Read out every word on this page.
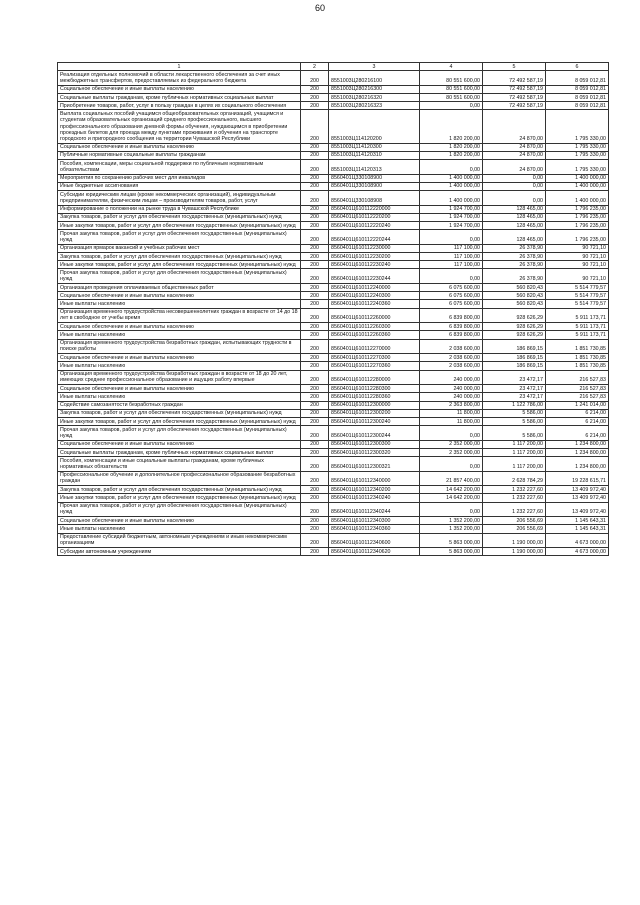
60
1	2	3	4	5	6
Реализация отдельных полномочий в области лекарственного обеспечения за счет иных межбюджетных трансфертов, предоставляемых из федерального бюджета	200	8551003Ц280216100	80 551 600,00	72 492 587,19	8 059 012,81
Социальное обеспечение и иные выплаты населению	200	8551003Ц280216300	80 551 600,00	72 492 587,19	8 059 012,81
Социальные выплаты гражданам, кроме публичных нормативных социальных выплат	200	8551003Ц280216320	80 551 600,00	72 492 587,19	8 059 012,81
Приобретение товаров, работ, услуг в пользу граждан в целях их социального обеспечения	200	8551003Ц280216323	0,00	72 492 587,19	8 059 012,81
Выплата социальных пособий учащимся общеобразовательных организаций, учащимся и студентам образовательных организаций среднего профессионального, высшего профессионального образования дневной формы обучения, нуждающимся в приобретении проездных билетов для проезда между пунктами проживания и обучения на транспорте городского и пригородного сообщения на территории Чувашской Республики	200	8551003Ц114120200	1 820 200,00	24 870,00	1 795 330,00
Социальное обеспечение и иные выплаты населению	200	8551003Ц114120300	1 820 200,00	24 870,00	1 795 330,00
Публичные нормативные социальные выплаты гражданам	200	8551003Ц114120310	1 820 200,00	24 870,00	1 795 330,00
Пособия, компенсации, меры социальной поддержки по публичным нормативным обязательствам	200	8551003Ц114120313	0,00	24 870,00	1 795 330,00
Мероприятия по сохранению рабочих мест для инвалидов	200	8560401Ц330108900	1 400 000,00	0,00	1 400 000,00
Иные бюджетные ассигнования	200	8560401Ц330108900	1 400 000,00	0,00	1 400 000,00
Субсидии юридическим лицам (кроме некоммерческих организаций), индивидуальным предпринимателям, физическим лицам – производителям товаров, работ, услуг	200	8560401Ц330108908	1 400 000,00	0,00	1 400 000,00
Информирование о положении на рынке труда в Чувашской Республике	200	8560401Ц610112220000	1 924 700,00	128 465,00	1 796 235,00
Закупка товаров, работ и услуг для обеспечения государственных (муниципальных) нужд	200	8560401Ц610112220200	1 924 700,00	128 465,00	1 796 235,00
Иные закупки товаров, работ и услуг для обеспечения государственных (муниципальных) нужд	200	8560401Ц610112220240	1 924 700,00	128 465,00	1 796 235,00
Прочая закупка товаров, работ и услуг для обеспечения государственных (муниципальных) нужд	200	8560401Ц610112220244	0,00	128 465,00	1 796 235,00
Организация ярмарок вакансий и учебных рабочих мест	200	8560401Ц610112230000	117 100,00	26 378,90	90 721,10
Закупка товаров, работ и услуг для обеспечения государственных (муниципальных) нужд	200	8560401Ц610112230200	117 100,00	26 378,90	90 721,10
Иные закупки товаров, работ и услуг для обеспечения государственных (муниципальных) нужд	200	8560401Ц610112230240	117 100,00	26 378,90	90 721,10
Прочая закупка товаров, работ и услуг для обеспечения государственных (муниципальных) нужд	200	8560401Ц610112230244	0,00	26 378,90	90 721,10
Организация проведения оплачиваемых общественных работ	200	8560401Ц610112240000	6 075 600,00	560 820,43	5 514 779,57
Социальное обеспечение и иные выплаты населению	200	8560401Ц610112240300	6 075 600,00	560 820,43	5 514 779,57
Иные выплаты населению	200	8560401Ц610112240360	6 075 600,00	560 820,43	5 514 779,57
Организация временного трудоустройства несовершеннолетних граждан в возрасте от 14 до 18 лет в свободное от учебы время	200	8560401Ц610112260000	6 839 800,00	928 626,29	5 911 173,71
Социальное обеспечение и иные выплаты населению	200	8560401Ц610112260300	6 839 800,00	928 626,29	5 911 173,71
Иные выплаты населению	200	8560401Ц610112260360	6 839 800,00	928 626,29	5 911 173,71
Организация временного трудоустройства безработных граждан, испытывающих трудности в поиске работы	200	8560401Ц610112270000	2 038 600,00	186 869,15	1 851 730,85
Социальное обеспечение и иные выплаты населению	200	8560401Ц610112270300	2 038 600,00	186 869,15	1 851 730,85
Иные выплаты населению	200	8560401Ц610112270360	2 038 600,00	186 869,15	1 851 730,85
Организация временного трудоустройства безработных граждан в возрасте от 18 до 20 лет, имеющих среднее профессиональное образование и ищущих работу впервые	200	8560401Ц610112280000	240 000,00	23 472,17	216 527,83
Социальное обеспечение и иные выплаты населению	200	8560401Ц610112280300	240 000,00	23 472,17	216 527,83
Иные выплаты населению	200	8560401Ц610112280360	240 000,00	23 472,17	216 527,83
Содействие самозанятости безработных граждан	200	8560401Ц610112300000	2 363 800,00	1 122 786,00	1 241 014,00
Закупка товаров, работ и услуг для обеспечения государственных (муниципальных) нужд	200	8560401Ц610112300200	11 800,00	5 586,00	6 214,00
Иные закупки товаров, работ и услуг для обеспечения государственных (муниципальных) нужд	200	8560401Ц610112300240	11 800,00	5 586,00	6 214,00
Прочая закупка товаров, работ и услуг для обеспечения государственных (муниципальных) нужд	200	8560401Ц610112300244	0,00	5 586,00	6 214,00
Социальное обеспечение и иные выплаты населению	200	8560401Ц610112300300	2 352 000,00	1 117 200,00	1 234 800,00
Социальные выплаты гражданам, кроме публичных нормативных социальных выплат	200	8560401Ц610112300320	2 352 000,00	1 117 200,00	1 234 800,00
Пособия, компенсации и иные социальные выплаты гражданам, кроме публичных нормативных обязательств	200	8560401Ц610112300321	0,00	1 117 200,00	1 234 800,00
Профессиональное обучение и дополнительное профессиональное образование безработных граждан	200	8560401Ц610112340000	21 857 400,00	2 628 784,29	19 228 615,71
Закупка товаров, работ и услуг для обеспечения государственных (муниципальных) нужд	200	8560401Ц610112340200	14 642 200,00	1 232 227,60	13 409 972,40
Иные закупки товаров, работ и услуг для обеспечения государственных (муниципальных) нужд	200	8560401Ц610112340240	14 642 200,00	1 232 227,60	13 409 972,40
Прочая закупка товаров, работ и услуг для обеспечения государственных (муниципальных) нужд	200	8560401Ц610112340244	0,00	1 232 227,60	13 409 972,40
Социальное обеспечение и иные выплаты населению	200	8560401Ц610112340300	1 352 200,00	206 556,69	1 145 643,31
Иные выплаты населению	200	8560401Ц610112340360	1 352 200,00	206 556,69	1 145 643,31
Предоставление субсидий бюджетным, автономным учреждениям и иным некоммерческим организациям	200	8560401Ц610112340600	5 863 000,00	1 190 000,00	4 673 000,00
Субсидии автономным учреждениям	200	8560401Ц610112340620	5 863 000,00	1 190 000,00	4 673 000,00
